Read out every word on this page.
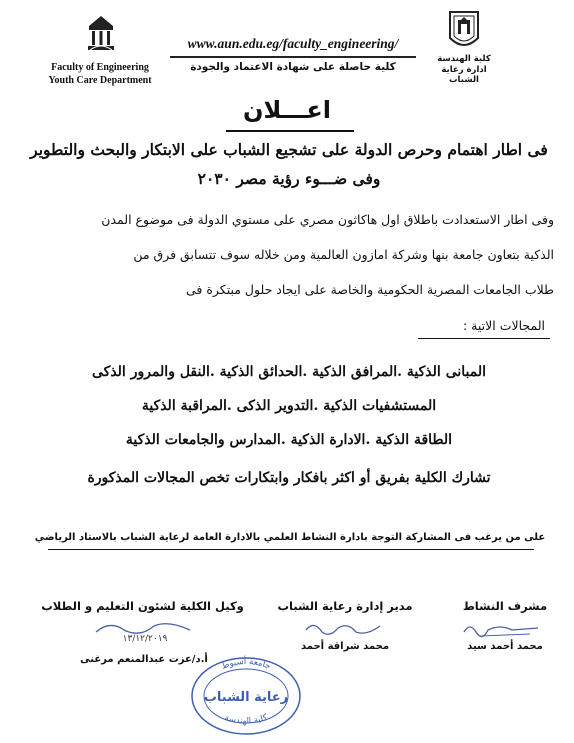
Faculty of Engineering
Youth Care Department
www.aun.edu.eg/faculty_engineering/
كلية حاصلة على شهادة الاعتماد والجودة
كلية الهندسة
ادارة رعاية الشباب
اعـــلان
فى اطار اهتمام وحرص الدولة على تشجيع الشباب على الابتكار والبحث والتطوير
وفى ضـــوء رؤية مصر ٢٠٣٠
وفى اطار الاستعدادت باطلاق اول هاكاثون مصري على مستوي الدولة فى موضوع المدن
الذكية بتعاون جامعة بنها وشركة امازون العالمية ومن خلاله سوف تتسابق فرق من
طلاب الجامعات المصرية الحكومية والخاصة على ايجاد حلول مبتكرة فى
المجالات الاتية :
المبانى الذكية .المرافق الذكية .الحدائق الذكية .النقل والمرور الذكى
المستشفيات الذكية .التدوير الذكى .المراقبة الذكية
الطاقة الذكية .الادارة الذكية .المدارس والجامعات الذكية
تشارك الكلية بفريق أو اكثر بافكار وابتكارات تخص المجالات المذكورة
على من يرغب فى المشاركة التوجة بادارة النشاط العلمي بالادارة العامة لرعاية الشباب بالاستاد الرياضي
مشرف النشاط
محمد أحمد سيد
مدير إدارة رعاية الشباب
محمد شراقة أحمد
وكيل الكلية لشئون التعليم و الطلاب
١٣/١٢/٢٠١٩
أ.د/عزت عبدالمنعم مرغنى
جامعة أسيوط
رعاية الشباب
كلية الهندسة
